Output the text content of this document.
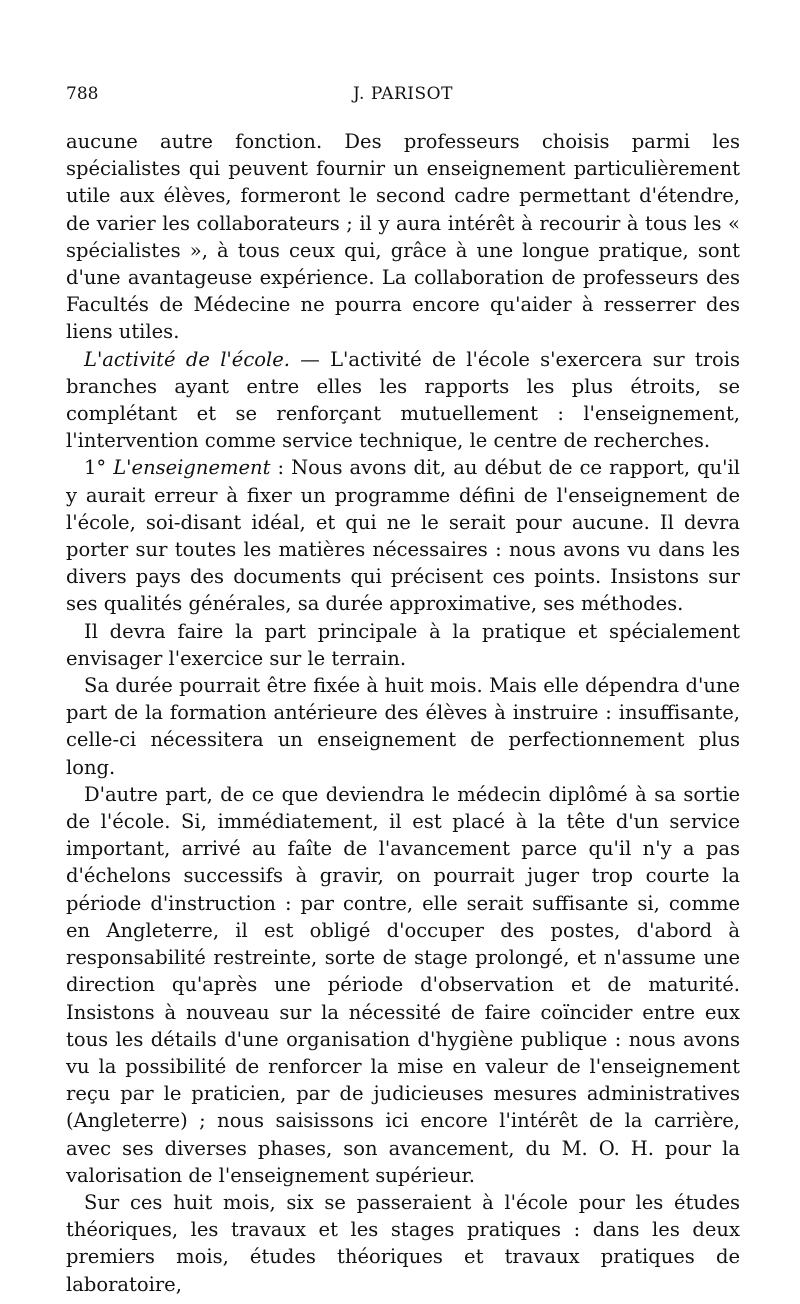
788	J. PARISOT

aucune autre fonction. Des professeurs choisis parmi les spécialistes qui peuvent fournir un enseignement particulièrement utile aux élèves, formeront le second cadre permettant d'étendre, de varier les collaborateurs ; il y aura intérêt à recourir à tous les « spécialistes », à tous ceux qui, grâce à une longue pratique, sont d'une avantageuse expérience. La collaboration de professeurs des Facultés de Médecine ne pourra encore qu'aider à resserrer des liens utiles.

L'activité de l'école. — L'activité de l'école s'exercera sur trois branches ayant entre elles les rapports les plus étroits, se complétant et se renforçant mutuellement : l'enseignement, l'intervention comme service technique, le centre de recherches.

1° L'enseignement : Nous avons dit, au début de ce rapport, qu'il y aurait erreur à fixer un programme défini de l'enseignement de l'école, soi-disant idéal, et qui ne le serait pour aucune. Il devra porter sur toutes les matières nécessaires : nous avons vu dans les divers pays des documents qui précisent ces points. Insistons sur ses qualités générales, sa durée approximative, ses méthodes.

Il devra faire la part principale à la pratique et spécialement envisager l'exercice sur le terrain.

Sa durée pourrait être fixée à huit mois. Mais elle dépendra d'une part de la formation antérieure des élèves à instruire : insuffisante, celle-ci nécessitera un enseignement de perfectionnement plus long.

D'autre part, de ce que deviendra le médecin diplômé à sa sortie de l'école. Si, immédiatement, il est placé à la tête d'un service important, arrivé au faîte de l'avancement parce qu'il n'y a pas d'échelons successifs à gravir, on pourrait juger trop courte la période d'instruction : par contre, elle serait suffisante si, comme en Angleterre, il est obligé d'occuper des postes, d'abord à responsabilité restreinte, sorte de stage prolongé, et n'assume une direction qu'après une période d'observation et de maturité. Insistons à nouveau sur la nécessité de faire coïncider entre eux tous les détails d'une organisation d'hygiène publique : nous avons vu la possibilité de renforcer la mise en valeur de l'enseignement reçu par le praticien, par de judicieuses mesures administratives (Angleterre) ; nous saisissons ici encore l'intérêt de la carrière, avec ses diverses phases, son avancement, du M. O. H. pour la valorisation de l'enseignement supérieur.

Sur ces huit mois, six se passeraient à l'école pour les études théoriques, les travaux et les stages pratiques : dans les deux premiers mois, études théoriques et travaux pratiques de laboratoire,
